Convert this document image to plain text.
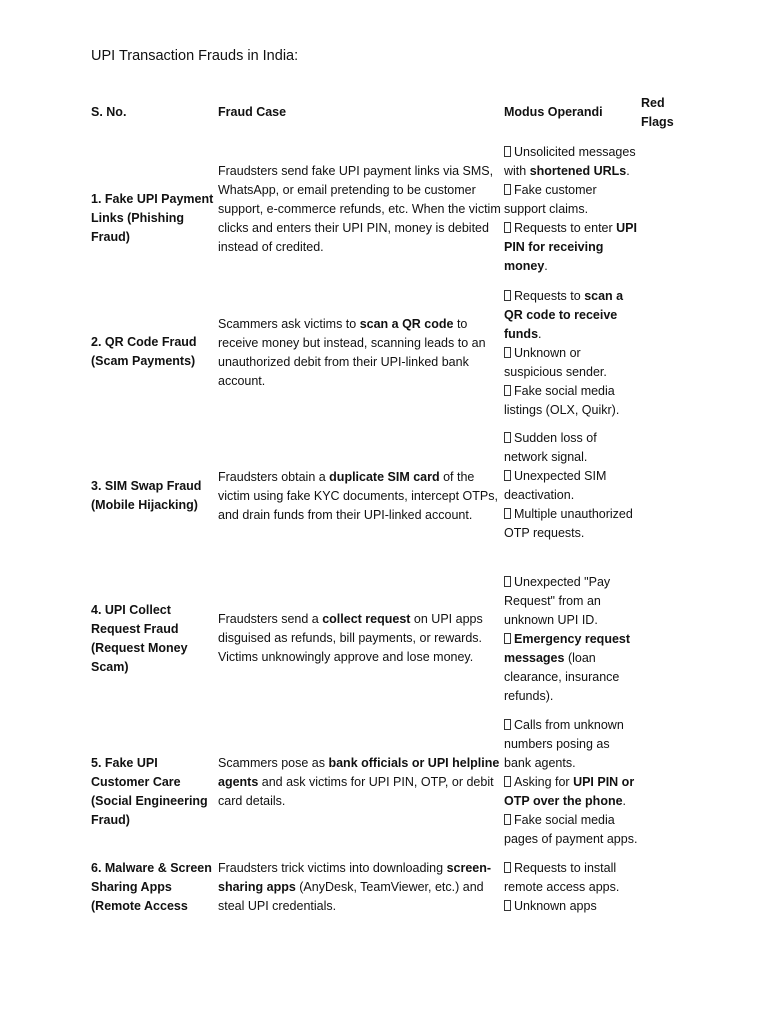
UPI Transaction Frauds in India:
S. No.	Fraud Case	Modus Operandi
Red
Flags
1. Fake UPI Payment Links (Phishing Fraud)
Fraudsters send fake UPI payment links via SMS, WhatsApp, or email pretending to be customer support, e-commerce refunds, etc. When the victim clicks and enters their UPI PIN, money is debited instead of credited.
Unsolicited messages with shortened URLs.
Fake customer support claims.
Requests to enter UPI PIN for receiving money.
2. QR Code Fraud (Scam Payments)
Scammers ask victims to scan a QR code to receive money but instead, scanning leads to an unauthorized debit from their UPI-linked bank account.
Requests to scan a QR code to receive funds.
Unknown or suspicious sender.
Fake social media listings (OLX, Quikr).
3. SIM Swap Fraud (Mobile Hijacking)
Fraudsters obtain a duplicate SIM card of the victim using fake KYC documents, intercept OTPs, and drain funds from their UPI-linked account.
Sudden loss of network signal.
Unexpected SIM deactivation.
Multiple unauthorized OTP requests.
4. UPI Collect Request Fraud (Request Money Scam)
Fraudsters send a collect request on UPI apps disguised as refunds, bill payments, or rewards. Victims unknowingly approve and lose money.
Unexpected "Pay Request" from an unknown UPI ID.
Emergency request messages (loan clearance, insurance refunds).
5. Fake UPI Customer Care (Social Engineering Fraud)
Scammers pose as bank officials or UPI helpline agents and ask victims for UPI PIN, OTP, or debit card details.
Calls from unknown numbers posing as bank agents.
Asking for UPI PIN or OTP over the phone.
Fake social media pages of payment apps.
6. Malware & Screen Sharing Apps (Remote Access
Fraudsters trick victims into downloading screen-sharing apps (AnyDesk, TeamViewer, etc.) and steal UPI credentials.
Requests to install remote access apps.
Unknown apps
